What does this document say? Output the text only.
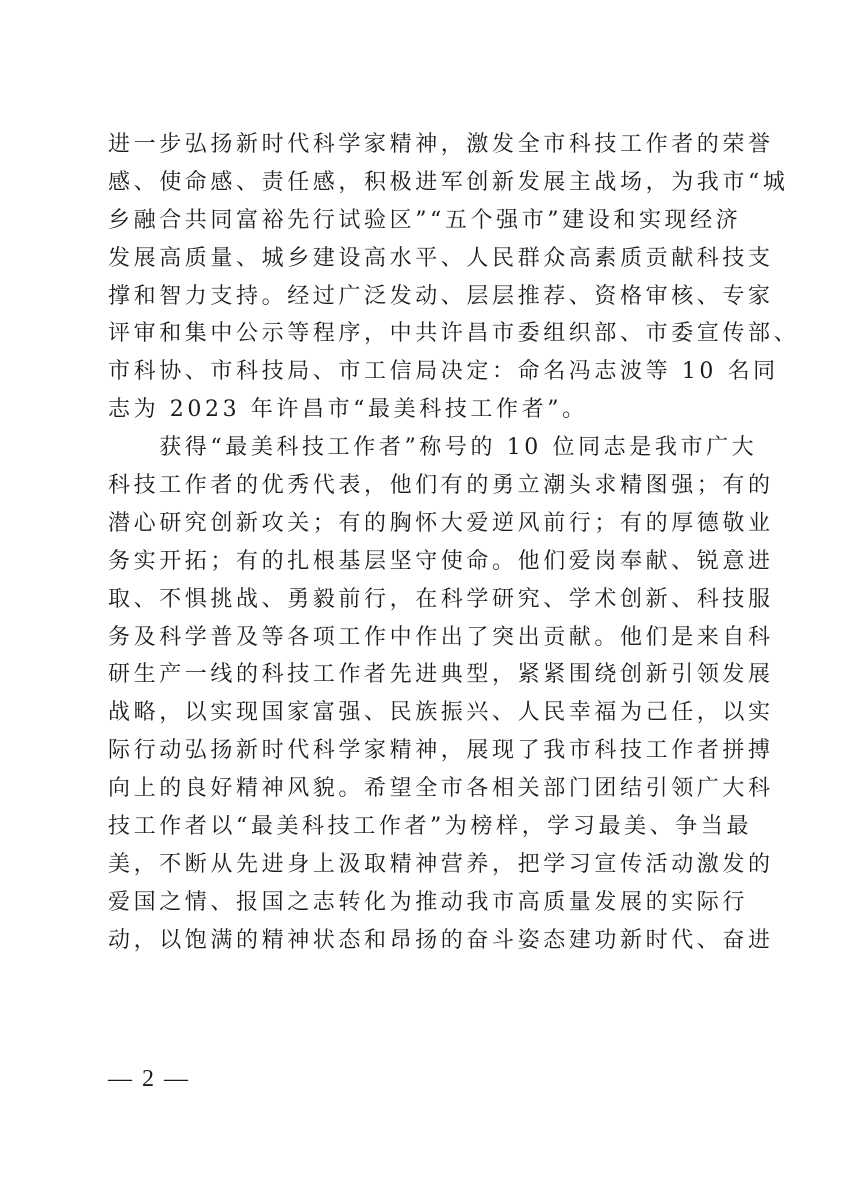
进一步弘扬新时代科学家精神，激发全市科技工作者的荣誉
感、使命感、责任感，积极进军创新发展主战场，为我市“城
乡融合共同富裕先行试验区”“五个强市”建设和实现经济
发展高质量、城乡建设高水平、人民群众高素质贡献科技支
撑和智力支持。经过广泛发动、层层推荐、资格审核、专家
评审和集中公示等程序，中共许昌市委组织部、市委宣传部、
市科协、市科技局、市工信局决定：命名冯志波等 10 名同
志为 2023 年许昌市“最美科技工作者”。
　　获得“最美科技工作者”称号的 10 位同志是我市广大
科技工作者的优秀代表，他们有的勇立潮头求精图强；有的
潜心研究创新攻关；有的胸怀大爱逆风前行；有的厚德敬业
务实开拓；有的扎根基层坚守使命。他们爱岗奉献、锐意进
取、不惧挑战、勇毅前行，在科学研究、学术创新、科技服
务及科学普及等各项工作中作出了突出贡献。他们是来自科
研生产一线的科技工作者先进典型，紧紧围绕创新引领发展
战略，以实现国家富强、民族振兴、人民幸福为己任，以实
际行动弘扬新时代科学家精神，展现了我市科技工作者拼搏
向上的良好精神风貌。希望全市各相关部门团结引领广大科
技工作者以“最美科技工作者”为榜样，学习最美、争当最
美，不断从先进身上汲取精神营养，把学习宣传活动激发的
爱国之情、报国之志转化为推动我市高质量发展的实际行
动，以饱满的精神状态和昂扬的奋斗姿态建功新时代、奋进
— 2 —
